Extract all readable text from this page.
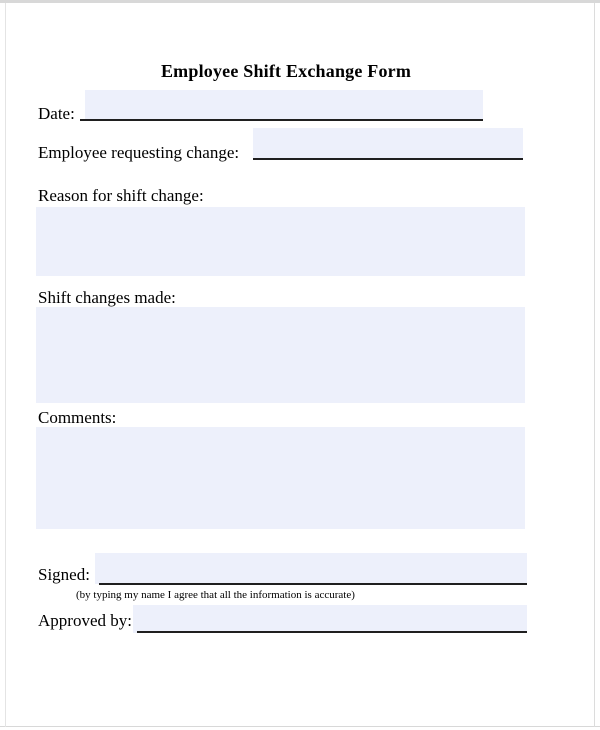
Employee Shift Exchange Form
Date:
Employee requesting change:
Reason for shift change:
Shift changes made:
Comments:
Signed:
(by typing my name I agree that all the information is accurate)
Approved by:
